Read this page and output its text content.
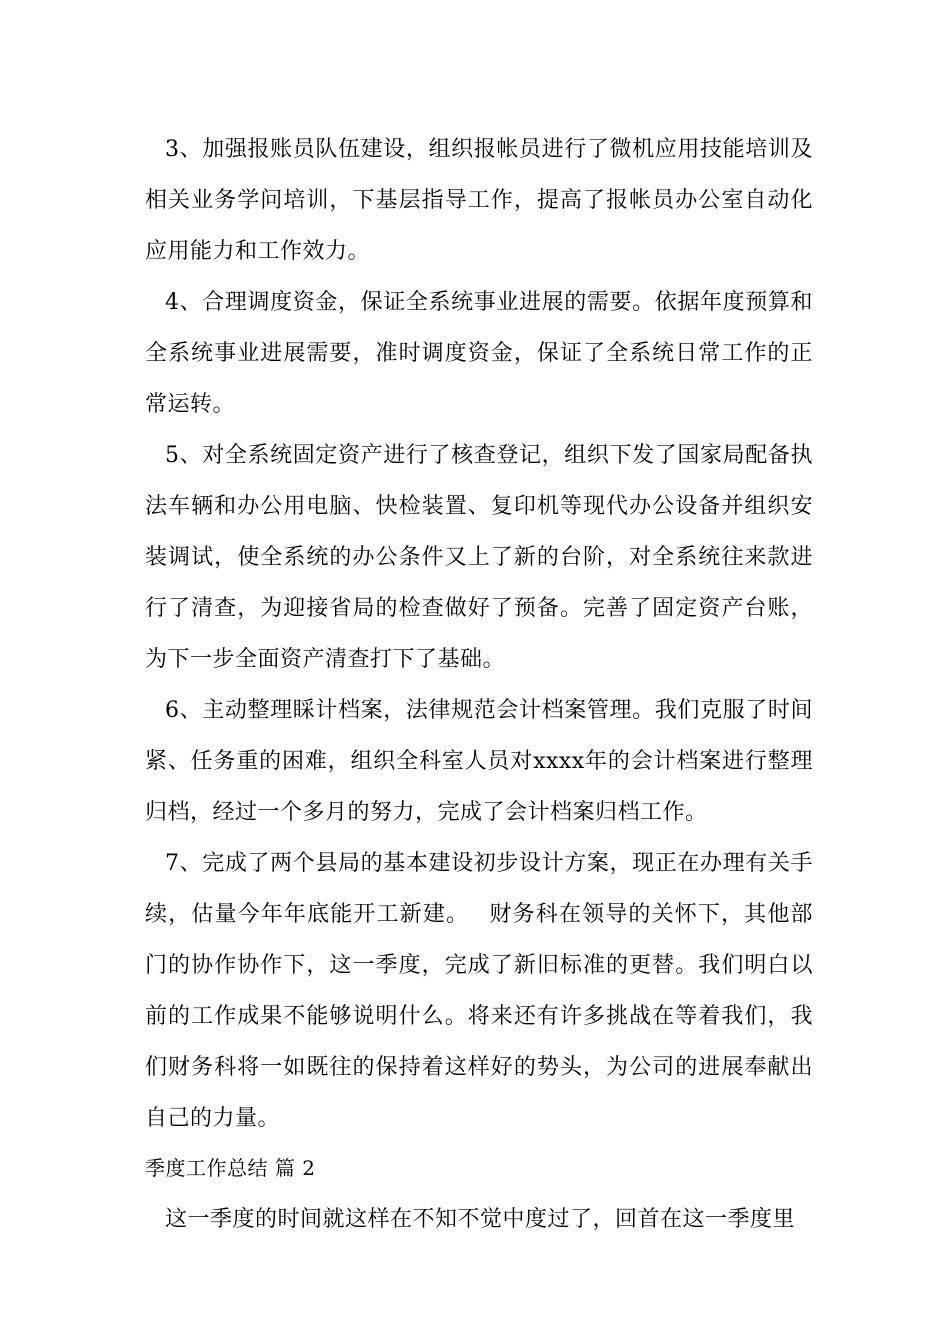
3、加强报账员队伍建设，组织报帐员进行了微机应用技能培训及相关业务学问培训，下基层指导工作，提高了报帐员办公室自动化应用能力和工作效力。

4、合理调度资金，保证全系统事业进展的需要。依据年度预算和全系统事业进展需要，准时调度资金，保证了全系统日常工作的正常运转。

5、对全系统固定资产进行了核查登记，组织下发了国家局配备执法车辆和办公用电脑、快检装置、复印机等现代办公设备并组织安装调试，使全系统的办公条件又上了新的台阶，对全系统往来款进行了清查，为迎接省局的检查做好了预备。完善了固定资产台账，为下一步全面资产清查打下了基础。

6、主动整理睬计档案，法律规范会计档案管理。我们克服了时间紧、任务重的困难，组织全科室人员对xxxx年的会计档案进行整理归档，经过一个多月的努力，完成了会计档案归档工作。

7、完成了两个县局的基本建设初步设计方案，现正在办理有关手续，估量今年年底能开工新建。　 财务科在领导的关怀下，其他部门的协作协作下，这一季度，完成了新旧标准的更替。我们明白以前的工作成果不能够说明什么。将来还有许多挑战在等着我们，我们财务科将一如既往的保持着这样好的势头，为公司的进展奉献出自己的力量。

季度工作总结 篇 2

这一季度的时间就这样在不知不觉中度过了，回首在这一季度里
